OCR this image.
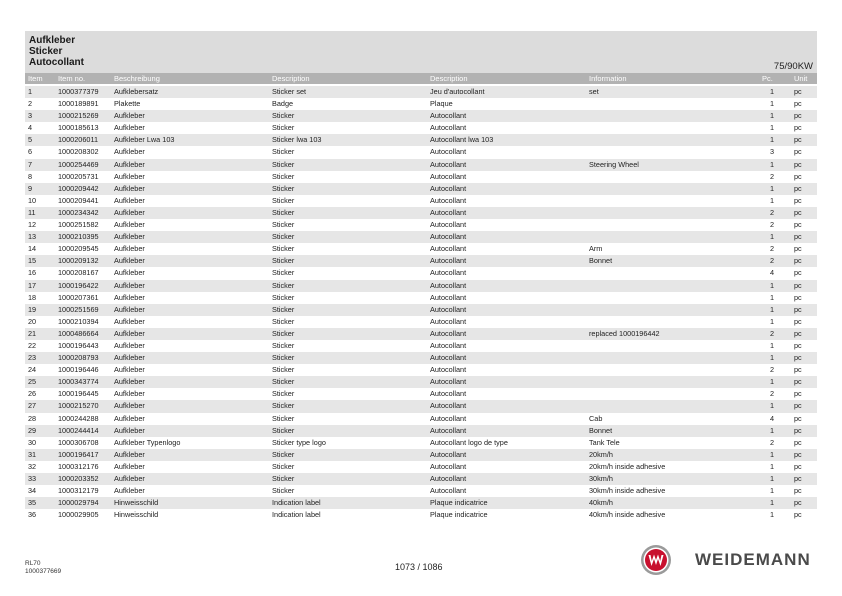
Aufkleber
Sticker
Autocollant	75/90KW
Item Item no.	Beschreibung	Description	Description	Information	Pc.	Unit
1	1000377379 Aufklebersatz	Sticker set	Jeu d'autocollant	set	1	pc
2	1000189891 Plakette	Badge	Plaque	1	pc
3	1000215269 Aufkleber	Sticker	Autocollant	1	pc
4	1000185613 Aufkleber	Sticker	Autocollant	1	pc
5	1000206011 Aufkleber Lwa 103	Sticker lwa 103	Autocollant lwa 103	1	pc
6	1000208302 Aufkleber	Sticker	Autocollant	3	pc
7	1000254469 Aufkleber	Sticker	Autocollant	Steering Wheel	1	pc
8	1000205731 Aufkleber	Sticker	Autocollant	2	pc
9	1000209442 Aufkleber	Sticker	Autocollant	1	pc
10	1000209441 Aufkleber	Sticker	Autocollant	1	pc
11	1000234342 Aufkleber	Sticker	Autocollant	2	pc
12	1000251582 Aufkleber	Sticker	Autocollant	2	pc
13	1000210395 Aufkleber	Sticker	Autocollant	1	pc
14	1000209545 Aufkleber	Sticker	Autocollant	Arm	2	pc
15	1000209132 Aufkleber	Sticker	Autocollant	Bonnet	2	pc
16	1000208167 Aufkleber	Sticker	Autocollant	4	pc
17	1000196422 Aufkleber	Sticker	Autocollant	1	pc
18	1000207361 Aufkleber	Sticker	Autocollant	1	pc
19	1000251569 Aufkleber	Sticker	Autocollant	1	pc
20	1000210394 Aufkleber	Sticker	Autocollant	1	pc
21	1000486664 Aufkleber	Sticker	Autocollant	replaced 1000196442	2	pc
22	1000196443 Aufkleber	Sticker	Autocollant	1	pc
23	1000208793 Aufkleber	Sticker	Autocollant	1	pc
24	1000196446 Aufkleber	Sticker	Autocollant	2	pc
25	1000343774 Aufkleber	Sticker	Autocollant	1	pc
26	1000196445 Aufkleber	Sticker	Autocollant	2	pc
27	1000215270 Aufkleber	Sticker	Autocollant	1	pc
28	1000244288 Aufkleber	Sticker	Autocollant	Cab	4	pc
29	1000244414 Aufkleber	Sticker	Autocollant	Bonnet	1	pc
30	1000306708 Aufkleber Typenlogo	Sticker type logo	Autocollant logo de type	Tank Tele	2	pc
31	1000196417 Aufkleber	Sticker	Autocollant	20km/h	1	pc
32	1000312176 Aufkleber	Sticker	Autocollant	20km/h inside adhesive	1	pc
33	1000203352 Aufkleber	Sticker	Autocollant	30km/h	1	pc
34	1000312179 Aufkleber	Sticker	Autocollant	30km/h inside adhesive	1	pc
35	1000029794 Hinweisschild	Indication label	Plaque indicatrice	40km/h	1	pc
36	1000029905 Hinweisschild	Indication label	Plaque indicatrice	40km/h inside adhesive	1	pc
RL70
1000377669	1073 / 1086	WEIDEMANN
